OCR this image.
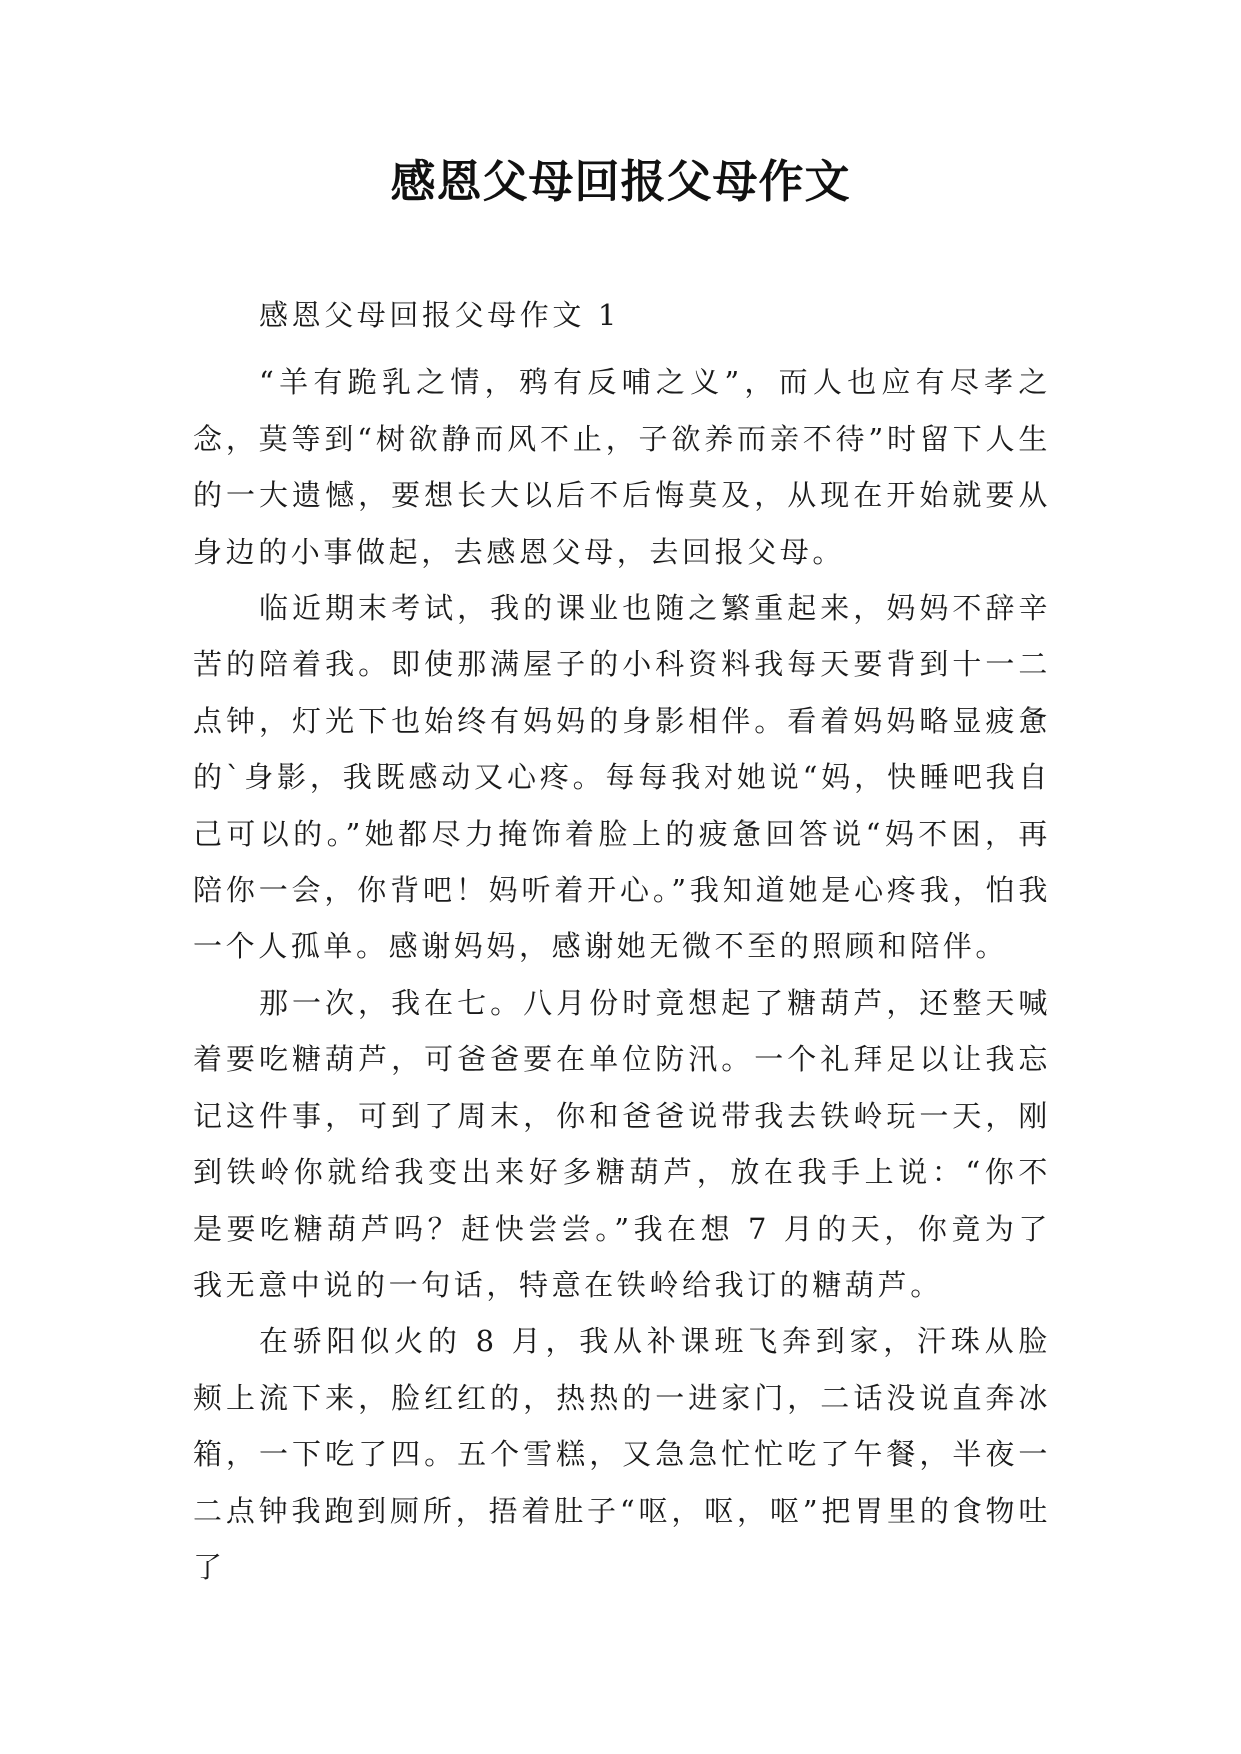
感恩父母回报父母作文

感恩父母回报父母作文 1

“羊有跪乳之情，鸦有反哺之义”，而人也应有尽孝之念，莫等到“树欲静而风不止，子欲养而亲不待”时留下人生的一大遗憾，要想长大以后不后悔莫及，从现在开始就要从身边的小事做起，去感恩父母，去回报父母。

临近期末考试，我的课业也随之繁重起来，妈妈不辞辛苦的陪着我。即使那满屋子的小科资料我每天要背到十一二点钟，灯光下也始终有妈妈的身影相伴。看着妈妈略显疲惫的`身影，我既感动又心疼。每每我对她说“妈，快睡吧我自己可以的。”她都尽力掩饰着脸上的疲惫回答说“妈不困，再陪你一会，你背吧！妈听着开心。”我知道她是心疼我，怕我一个人孤单。感谢妈妈，感谢她无微不至的照顾和陪伴。

那一次，我在七。八月份时竟想起了糖葫芦，还整天喊着要吃糖葫芦，可爸爸要在单位防汛。一个礼拜足以让我忘记这件事，可到了周末，你和爸爸说带我去铁岭玩一天，刚到铁岭你就给我变出来好多糖葫芦，放在我手上说：“你不是要吃糖葫芦吗？赶快尝尝。”我在想 7 月的天，你竟为了我无意中说的一句话，特意在铁岭给我订的糖葫芦。

在骄阳似火的 8 月，我从补课班飞奔到家，汗珠从脸颊上流下来，脸红红的，热热的一进家门，二话没说直奔冰箱，一下吃了四。五个雪糕，又急急忙忙吃了午餐，半夜一二点钟我跑到厕所，捂着肚子“呕，呕，呕”把胃里的食物吐了
